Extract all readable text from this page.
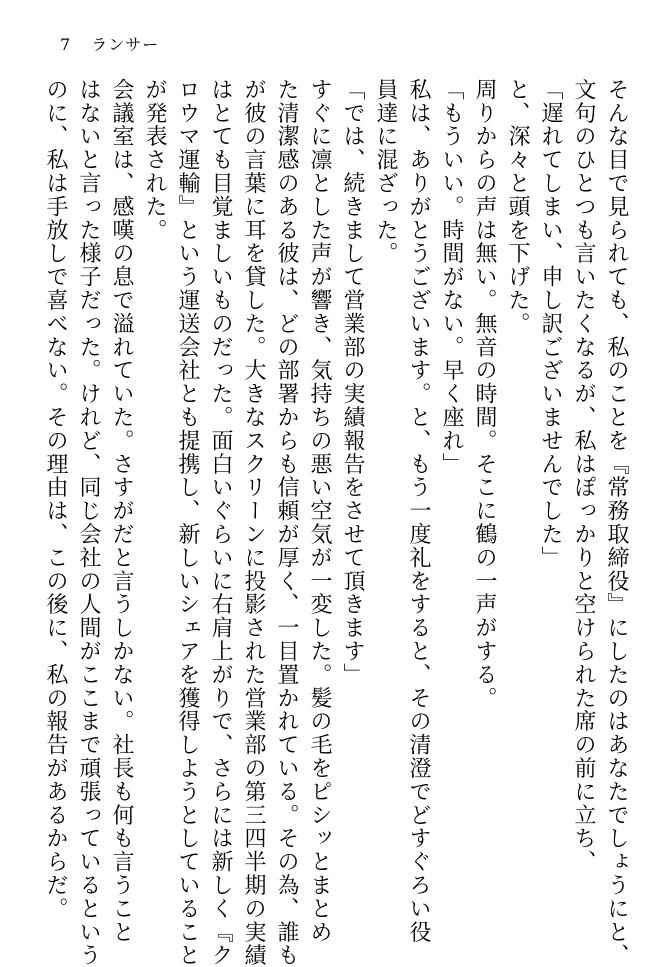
7 ランサー
そんな目で見られても、私のことを『常務取締役』にしたのはあなたでしょうにと、
文句のひとつも言いたくなるが、私はぽっかりと空けられた席の前に立ち、
「遅れてしまい、申し訳ございませんでした」
と、深々と頭を下げた。
周りからの声は無い。無音の時間。そこに鶴の一声がする。
「もういい。時間がない。早く座れ」
私は、ありがとうございます。と、もう一度礼をすると、その清澄でどすぐろい役
員達に混ざった。
「では、続きまして営業部の実績報告をさせて頂きます」
すぐに凛とした声が響き、気持ちの悪い空気が一変した。髪の毛をピシッとまとめ
た清潔感のある彼は、どの部署からも信頼が厚く、一目置かれている。その為、誰も
が彼の言葉に耳を貸した。大きなスクリーンに投影された営業部の第三四半期の実績
はとても目覚ましいものだった。面白いぐらいに右肩上がりで、さらには新しく『ク
ロウマ運輸』という運送会社とも提携し、新しいシェアを獲得しようとしていること
が発表された。
会議室は、感嘆の息で溢れていた。さすがだと言うしかない。社長も何も言うこと
はないと言った様子だった。けれど、同じ会社の人間がここまで頑張っているという
のに、私は手放しで喜べない。その理由は、この後に、私の報告があるからだ。
